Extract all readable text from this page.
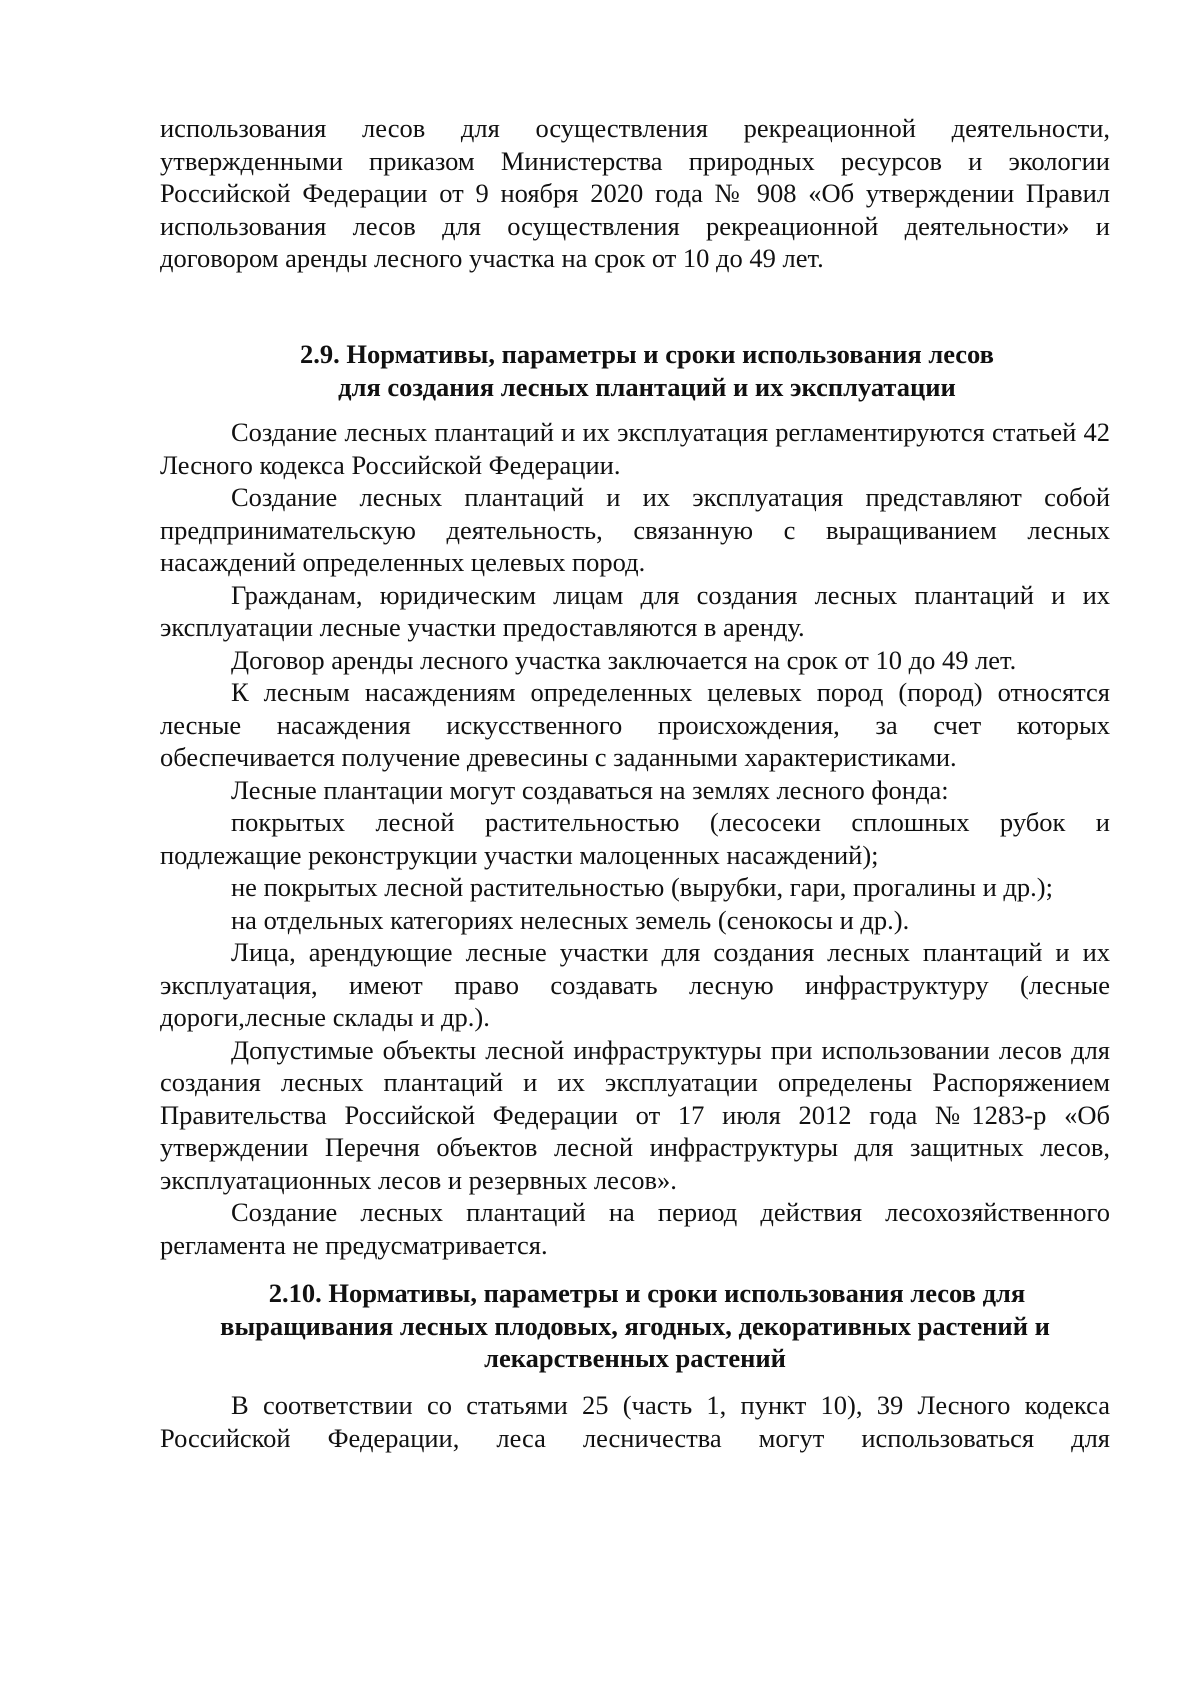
использования лесов для осуществления рекреационной деятельности, утвержденными приказом Министерства природных ресурсов и экологии Российской Федерации от 9 ноября 2020 года № 908 «Об утверждении Правил использования лесов для осуществления рекреационной деятельности» и договором аренды лесного участка на срок от 10 до 49 лет.

2.9. Нормативы, параметры и сроки использования лесов
для создания лесных плантаций и их эксплуатации

Создание лесных плантаций и их эксплуатация регламентируются статьей 42 Лесного кодекса Российской Федерации.

Создание лесных плантаций и их эксплуатация представляют собой предпринимательскую деятельность, связанную с выращиванием лесных насаждений определенных целевых пород.

Гражданам, юридическим лицам для создания лесных плантаций и их эксплуатации лесные участки предоставляются в аренду.

Договор аренды лесного участка заключается на срок от 10 до 49 лет.

К лесным насаждениям определенных целевых пород (пород) относятся лесные насаждения искусственного происхождения, за счет которых обеспечивается получение древесины с заданными характеристиками.

Лесные плантации могут создаваться на землях лесного фонда:

покрытых лесной растительностью (лесосеки сплошных рубок и подлежащие реконструкции участки малоценных насаждений);

не покрытых лесной растительностью (вырубки, гари, прогалины и др.);

на отдельных категориях нелесных земель (сенокосы и др.).

Лица, арендующие лесные участки для создания лесных плантаций и их эксплуатация, имеют право создавать лесную инфраструктуру (лесные дороги,лесные склады и др.).

Допустимые объекты лесной инфраструктуры при использовании лесов для создания лесных плантаций и их эксплуатации определены Распоряжением Правительства Российской Федерации от 17 июля 2012 года №1283-р «Об утверждении Перечня объектов лесной инфраструктуры для защитных лесов, эксплуатационных лесов и резервных лесов».

Создание лесных плантаций на период действия лесохозяйственного регламента не предусматривается.

2.10. Нормативы, параметры и сроки использования лесов для
выращивания лесных плодовых, ягодных, декоративных растений и
лекарственных растений

В соответствии со статьями 25 (часть 1, пункт 10), 39 Лесного кодекса Российской Федерации, леса лесничества могут использоваться для
